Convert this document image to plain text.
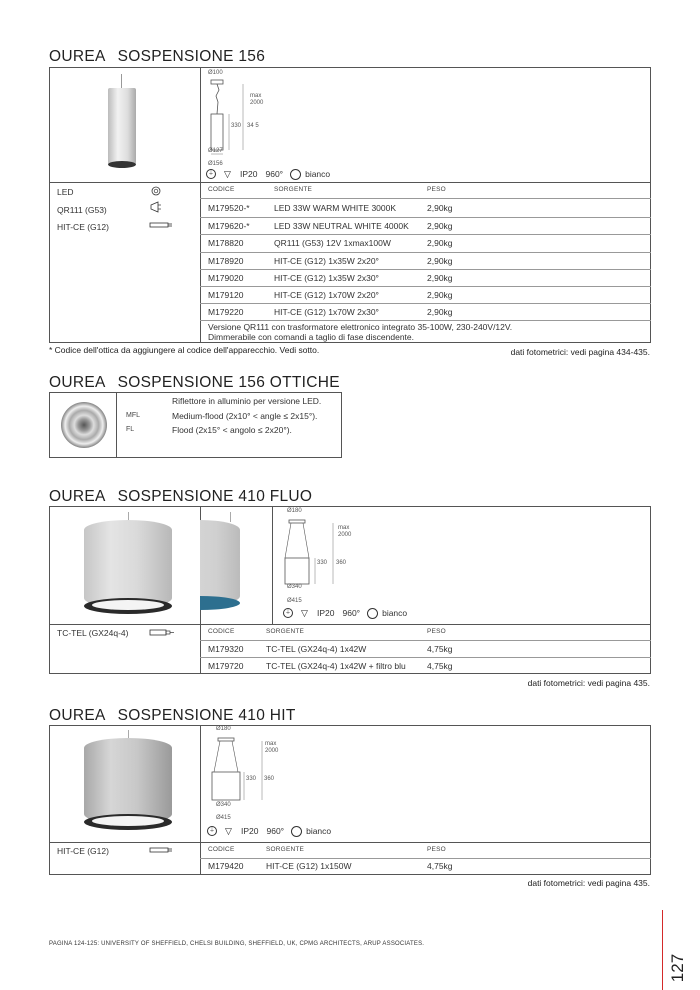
OUREA SOSPENSIONE 156
Ø100
max
2000
330 34 5
Ø127
Ø156
⏚ ▽	IP20 960°	bianco
LED
QR111 (G53)
HIT-CE (G12)
CODICE	SORGENTE	PESO
M179520-*	LED 33W WARM WHITE 3000K	2,90kg
M179620-*	LED 33W NEUTRAL WHITE 4000K 2,90kg
M178820	QR111 (G53) 12V 1xmax100W	2,90kg
M178920	HIT-CE (G12) 1x35W 2x20°	2,90kg
M179020	HIT-CE (G12) 1x35W 2x30°	2,90kg
M179120	HIT-CE (G12) 1x70W 2x20°	2,90kg
M179220	HIT-CE (G12) 1x70W 2x30°	2,90kg
Versione QR111 con trasformatore elettronico integrato 35-100W, 230-240V/12V.
Dimmerabile con comandi a taglio di fase discendente.
* Codice dell'ottica da aggiungere al codice dell'apparecchio. Vedi sotto.	dati fotometrici: vedi pagina 434-435.
OUREA SOSPENSIONE 156 OTTICHE
Riflettore in alluminio per versione LED.
MFL	Medium-flood (2x10° < angle ≤ 2x15°).
FL	Flood (2x15° < angolo ≤ 2x20°).
OUREA SOSPENSIONE 410 FLUO
Ø180
max
2000
330 360
Ø340
Ø415
⏚ ▽	IP20 960°	bianco
TC-TEL (GX24q-4)	CODICE	SORGENTE	PESO
M179320	TC-TEL (GX24q-4) 1x42W	4,75kg
M179720	TC-TEL (GX24q-4) 1x42W + filtro blu	4,75kg
dati fotometrici: vedi pagina 435.
OUREA SOSPENSIONE 410 HIT
Ø180
max
2000
330 360
Ø340
Ø415
⏚ ▽	IP20 960°	bianco
HIT-CE (G12)	CODICE	SORGENTE	PESO
M179420	HIT-CE (G12) 1x150W	4,75kg
dati fotometrici: vedi pagina 435.
PAGINA 124-125: UNIVERSITY OF SHEFFIELD, CHELSI BUILDING, SHEFFIELD, UK, CPMG ARCHITECTS, ARUP ASSOCIATES.
127
